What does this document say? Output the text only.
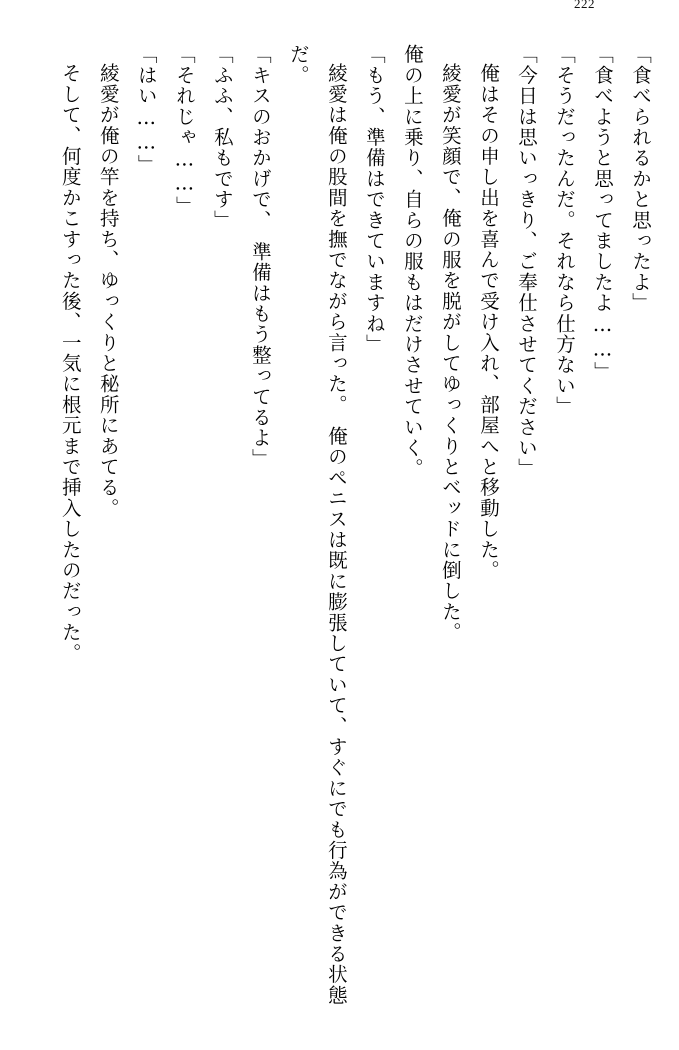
222

「食べられるかと思ったよ」

「食べようと思ってましたよ……」

「そうだったんだ。それなら仕方ない」

「今日は思いっきり、ご奉仕させてください」

俺はその申し出を喜んで受け入れ、部屋へと移動した。

綾愛が笑顔で、俺の服を脱がしてゆっくりとベッドに倒した。

俺の上に乗り、自らの服もはだけさせていく。

「もう、準備はできていますね」

綾愛は俺の股間を撫でながら言った。　俺のペニスは既に膨張していて、すぐにでも行為ができる状態だ。

「キスのおかげで、　準備はもう整ってるよ」

「ふふ、私もです」

「それじゃ……」

「はい……」

綾愛が俺の竿を持ち、ゆっくりと秘所にあてる。

そして、何度かこすった後、一気に根元まで挿入したのだった。
